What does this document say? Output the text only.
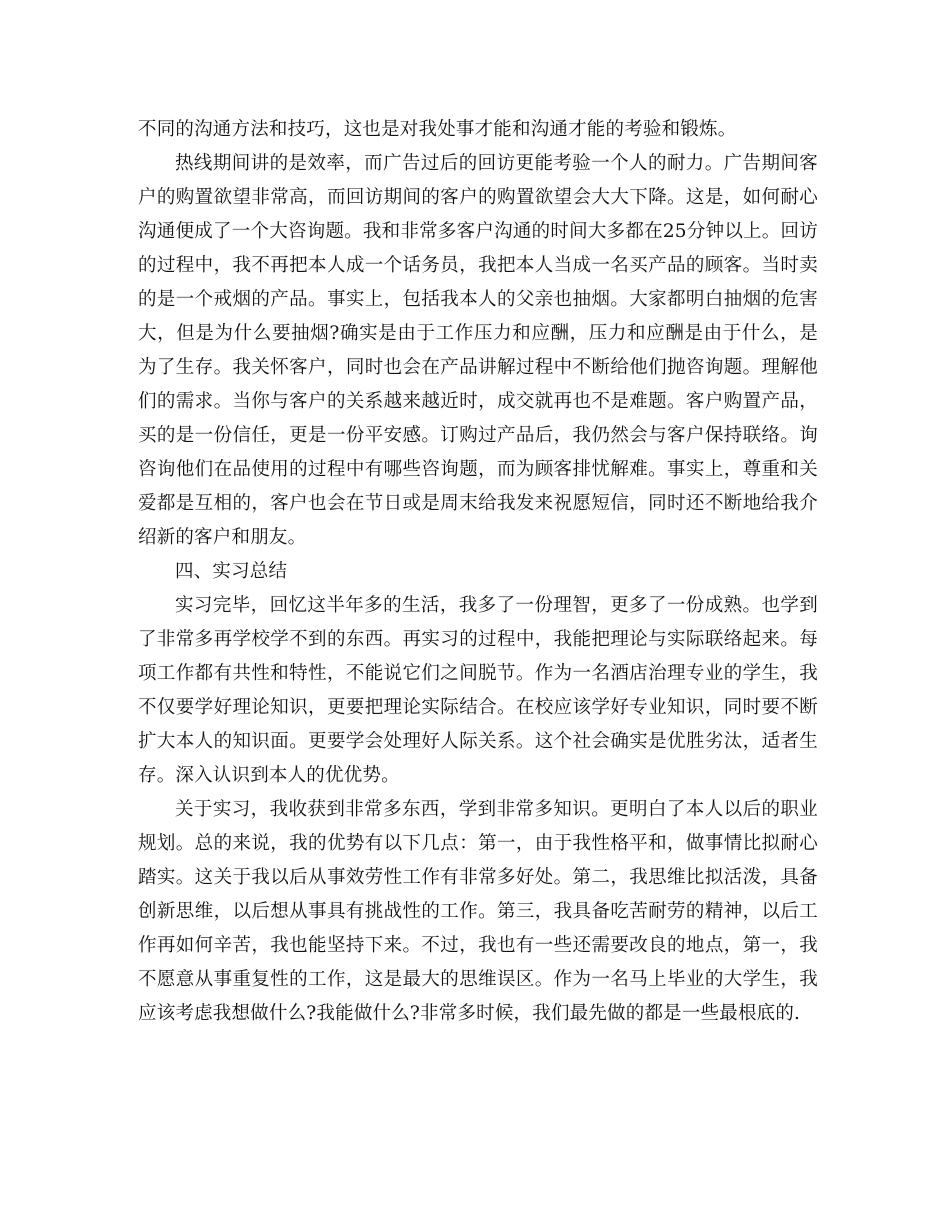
不同的沟通方法和技巧，这也是对我处事才能和沟通才能的考验和锻炼。

热线期间讲的是效率，而广告过后的回访更能考验一个人的耐力。广告期间客户的购置欲望非常高，而回访期间的客户的购置欲望会大大下降。这是，如何耐心沟通便成了一个大咨询题。我和非常多客户沟通的时间大多都在25分钟以上。回访的过程中，我不再把本人成一个话务员，我把本人当成一名买产品的顾客。当时卖的是一个戒烟的产品。事实上，包括我本人的父亲也抽烟。大家都明白抽烟的危害大，但是为什么要抽烟?确实是由于工作压力和应酬，压力和应酬是由于什么，是为了生存。我关怀客户，同时也会在产品讲解过程中不断给他们抛咨询题。理解他们的需求。当你与客户的关系越来越近时，成交就再也不是难题。客户购置产品，买的是一份信任，更是一份平安感。订购过产品后，我仍然会与客户保持联络。询咨询他们在品使用的过程中有哪些咨询题，而为顾客排忧解难。事实上，尊重和关爱都是互相的，客户也会在节日或是周末给我发来祝愿短信，同时还不断地给我介绍新的客户和朋友。

四、实习总结

实习完毕，回忆这半年多的生活，我多了一份理智，更多了一份成熟。也学到了非常多再学校学不到的东西。再实习的过程中，我能把理论与实际联络起来。每项工作都有共性和特性，不能说它们之间脱节。作为一名酒店治理专业的学生，我不仅要学好理论知识，更要把理论实际结合。在校应该学好专业知识，同时要不断扩大本人的知识面。更要学会处理好人际关系。这个社会确实是优胜劣汰，适者生存。深入认识到本人的优优势。

关于实习，我收获到非常多东西，学到非常多知识。更明白了本人以后的职业规划。总的来说，我的优势有以下几点：第一，由于我性格平和，做事情比拟耐心踏实。这关于我以后从事效劳性工作有非常多好处。第二，我思维比拟活泼，具备创新思维，以后想从事具有挑战性的工作。第三，我具备吃苦耐劳的精神，以后工作再如何辛苦，我也能坚持下来。不过，我也有一些还需要改良的地点，第一，我不愿意从事重复性的工作，这是最大的思维误区。作为一名马上毕业的大学生，我应该考虑我想做什么?我能做什么?非常多时候，我们最先做的都是一些最根底的.
